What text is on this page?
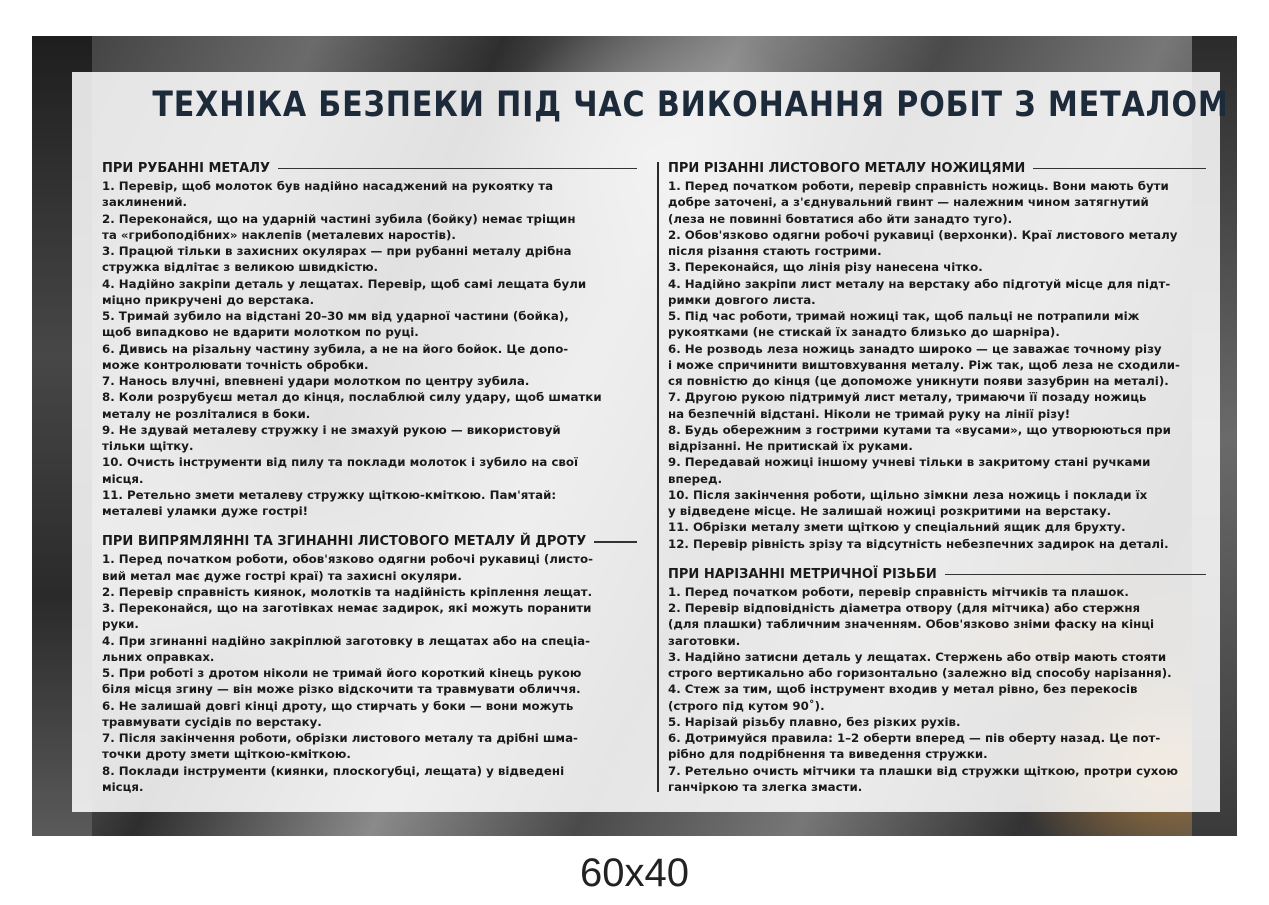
ТЕХНІКА БЕЗПЕКИ ПІД ЧАС ВИКОНАННЯ РОБІТ З МЕТАЛОМ
ПРИ РУБАННІ МЕТАЛУ
1. Перевір, щоб молоток був надійно насаджений на рукоятку та
заклинений.
2. Переконайся, що на ударній частині зубила (бойку) немає тріщин
та «грибоподібних» наклепів (металевих наростів).
3. Працюй тільки в захисних окулярах — при рубанні металу дрібна
стружка відлітає з великою швидкістю.
4. Надійно закріпи деталь у лещатах. Перевір, щоб самі лещата були
міцно прикручені до верстака.
5. Тримай зубило на відстані 20–30 мм від ударної частини (бойка),
щоб випадково не вдарити молотком по руці.
6. Дивись на різальну частину зубила, а не на його бойок. Це допо-
може контролювати точність обробки.
7. Нанось влучні, впевнені удари молотком по центру зубила.
8. Коли розрубуєш метал до кінця, послаблюй силу удару, щоб шматки
металу не розліталися в боки.
9. Не здувай металеву стружку і не змахуй рукою — використовуй
тільки щітку.
10. Очисть інструменти від пилу та поклади молоток і зубило на свої
місця.
11. Ретельно змети металеву стружку щіткою-кміткою. Пам'ятай:
металеві уламки дуже гострі!
ПРИ ВИПРЯМЛЯННІ ТА ЗГИНАННІ ЛИСТОВОГО МЕТАЛУ Й ДРОТУ
1. Перед початком роботи, обов'язково одягни робочі рукавиці (листо-
вий метал має дуже гострі краї) та захисні окуляри.
2. Перевір справність киянок, молотків та надійність кріплення лещат.
3. Переконайся, що на заготівках немає задирок, які можуть поранити
руки.
4. При згинанні надійно закріплюй заготовку в лещатах або на спеціа-
льних оправках.
5. При роботі з дротом ніколи не тримай його короткий кінець рукою
біля місця згину — він може різко відскочити та травмувати обличчя.
6. Не залишай довгі кінці дроту, що стирчать у боки — вони можуть
травмувати сусідів по верстаку.
7. Після закінчення роботи, обрізки листового металу та дрібні шма-
точки дроту змети щіткою-кміткою.
8. Поклади інструменти (киянки, плоскогубці, лещата) у відведені
місця.
ПРИ РІЗАННІ ЛИСТОВОГО МЕТАЛУ НОЖИЦЯМИ
1. Перед початком роботи, перевір справність ножиць. Вони мають бути
добре заточені, а з'єднувальний гвинт — належним чином затягнутий
(леза не повинні бовтатися або йти занадто туго).
2. Обов'язково одягни робочі рукавиці (верхонки). Краї листового металу
після різання стають гострими.
3. Переконайся, що лінія різу нанесена чітко.
4. Надійно закріпи лист металу на верстаку або підготуй місце для підт-
римки довгого листа.
5. Під час роботи, тримай ножиці так, щоб пальці не потрапили між
рукоятками (не стискай їх занадто близько до шарніра).
6. Не розводь леза ножиць занадто широко — це заважає точному різу
і може спричинити виштовхування металу. Ріж так, щоб леза не сходили-
ся повністю до кінця (це допоможе уникнути появи зазубрин на металі).
7. Другою рукою підтримуй лист металу, тримаючи її позаду ножиць
на безпечній відстані. Ніколи не тримай руку на лінії різу!
8. Будь обережним з гострими кутами та «вусами», що утворюються при
відрізанні. Не притискай їх руками.
9. Передавай ножиці іншому учневі тільки в закритому стані ручками
вперед.
10. Після закінчення роботи, щільно зімкни леза ножиць і поклади їх
у відведене місце. Не залишай ножиці розкритими на верстаку.
11. Обрізки металу змети щіткою у спеціальний ящик для брухту.
12. Перевір рівність зрізу та відсутність небезпечних задирок на деталі.
ПРИ НАРІЗАННІ МЕТРИЧНОЇ РІЗЬБИ
1. Перед початком роботи, перевір справність мітчиків та плашок.
2. Перевір відповідність діаметра отвору (для мітчика) або стержня
(для плашки) табличним значенням. Обов'язково зніми фаску на кінці
заготовки.
3. Надійно затисни деталь у лещатах. Стержень або отвір мають стояти
строго вертикально або горизонтально (залежно від способу нарізання).
4. Стеж за тим, щоб інструмент входив у метал рівно, без перекосів
(строго під кутом 90˚).
5. Нарізай різьбу плавно, без різких рухів.
6. Дотримуйся правила: 1–2 оберти вперед — пів оберту назад. Це пот-
рібно для подрібнення та виведення стружки.
7. Ретельно очисть мітчики та плашки від стружки щіткою, протри сухою
ганчіркою та злегка змасти.
60x40
